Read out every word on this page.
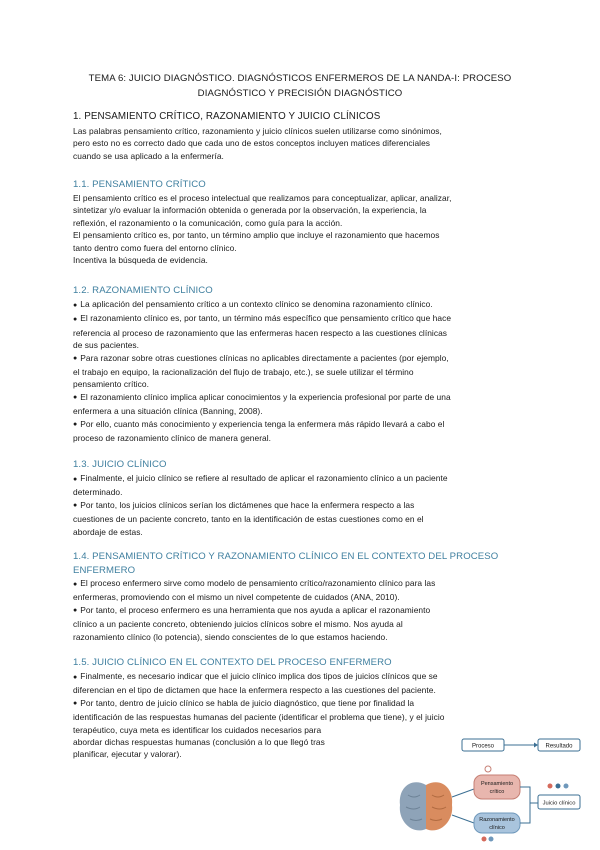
TEMA 6: JUICIO DIAGNÓSTICO. DIAGNÓSTICOS ENFERMEROS DE LA NANDA-I: PROCESO DIAGNÓSTICO Y PRECISIÓN DIAGNÓSTICO
1. PENSAMIENTO CRÍTICO, RAZONAMIENTO Y JUICIO CLÍNICOS

Las palabras pensamiento crítico, razonamiento y juicio clínicos suelen utilizarse como sinónimos,

pero esto no es correcto dado que cada uno de estos conceptos incluyen matices diferenciales

cuando se usa aplicado a la enfermería.

1.1. PENSAMIENTO CRÍTICO

El pensamiento crítico es el proceso intelectual que realizamos para conceptualizar, aplicar, analizar,

sintetizar y/o evaluar la información obtenida o generada por la observación, la experiencia, la

reflexión, el razonamiento o la comunicación, como guía para la acción.

El pensamiento crítico es, por tanto, un término amplio que incluye el razonamiento que hacemos

tanto dentro como fuera del entorno clínico.

Incentiva la búsqueda de evidencia.

1.2. RAZONAMIENTO CLÍNICO

● La aplicación del pensamiento crítico a un contexto clínico se denomina razonamiento clínico.

● El razonamiento clínico es, por tanto, un término más específico que pensamiento crítico que hace

referencia al proceso de razonamiento que las enfermeras hacen respecto a las cuestiones clínicas

de sus pacientes.

● Para razonar sobre otras cuestiones clínicas no aplicables directamente a pacientes (por ejemplo,

el trabajo en equipo, la racionalización del flujo de trabajo, etc.), se suele utilizar el término

pensamiento crítico.

● El razonamiento clínico implica aplicar conocimientos y la experiencia profesional por parte de una

enfermera a una situación clínica (Banning, 2008).

● Por ello, cuanto más conocimiento y experiencia tenga la enfermera más rápido llevará a cabo el

proceso de razonamiento clínico de manera general.

1.3. JUICIO CLÍNICO

● Finalmente, el juicio clínico se refiere al resultado de aplicar el razonamiento clínico a un paciente

determinado.

● Por tanto, los juicios clínicos serían los dictámenes que hace la enfermera respecto a las

cuestiones de un paciente concreto, tanto en la identificación de estas cuestiones como en el

abordaje de estas.

1.4. PENSAMIENTO CRÍTICO Y RAZONAMIENTO CLÍNICO EN EL CONTEXTO DEL PROCESO
ENFERMERO

● El proceso enfermero sirve como modelo de pensamiento crítico/razonamiento clínico para las

enfermeras, promoviendo con el mismo un nivel competente de cuidados (ANA, 2010).

● Por tanto, el proceso enfermero es una herramienta que nos ayuda a aplicar el razonamiento

clínico a un paciente concreto, obteniendo juicios clínicos sobre el mismo. Nos ayuda al

razonamiento clínico (lo potencia), siendo conscientes de lo que estamos haciendo.

1.5. JUICIO CLÍNICO EN EL CONTEXTO DEL PROCESO ENFERMERO

● Finalmente, es necesario indicar que el juicio clínico implica dos tipos de juicios clínicos que se

diferencian en el tipo de dictamen que hace la enfermera respecto a las cuestiones del paciente.

● Por tanto, dentro de juicio clínico se habla de juicio diagnóstico, que tiene por finalidad la

identificación de las respuestas humanas del paciente (identificar el problema que tiene), y el juicio

terapéutico, cuya meta es identificar los cuidados necesarios para

abordar dichas respuestas humanas (conclusión a lo que llegó tras

planificar, ejecutar y valorar).

Proceso	Resultado
Pensamiento
crítico
Razonamiento
clínico
Juicio clínico
